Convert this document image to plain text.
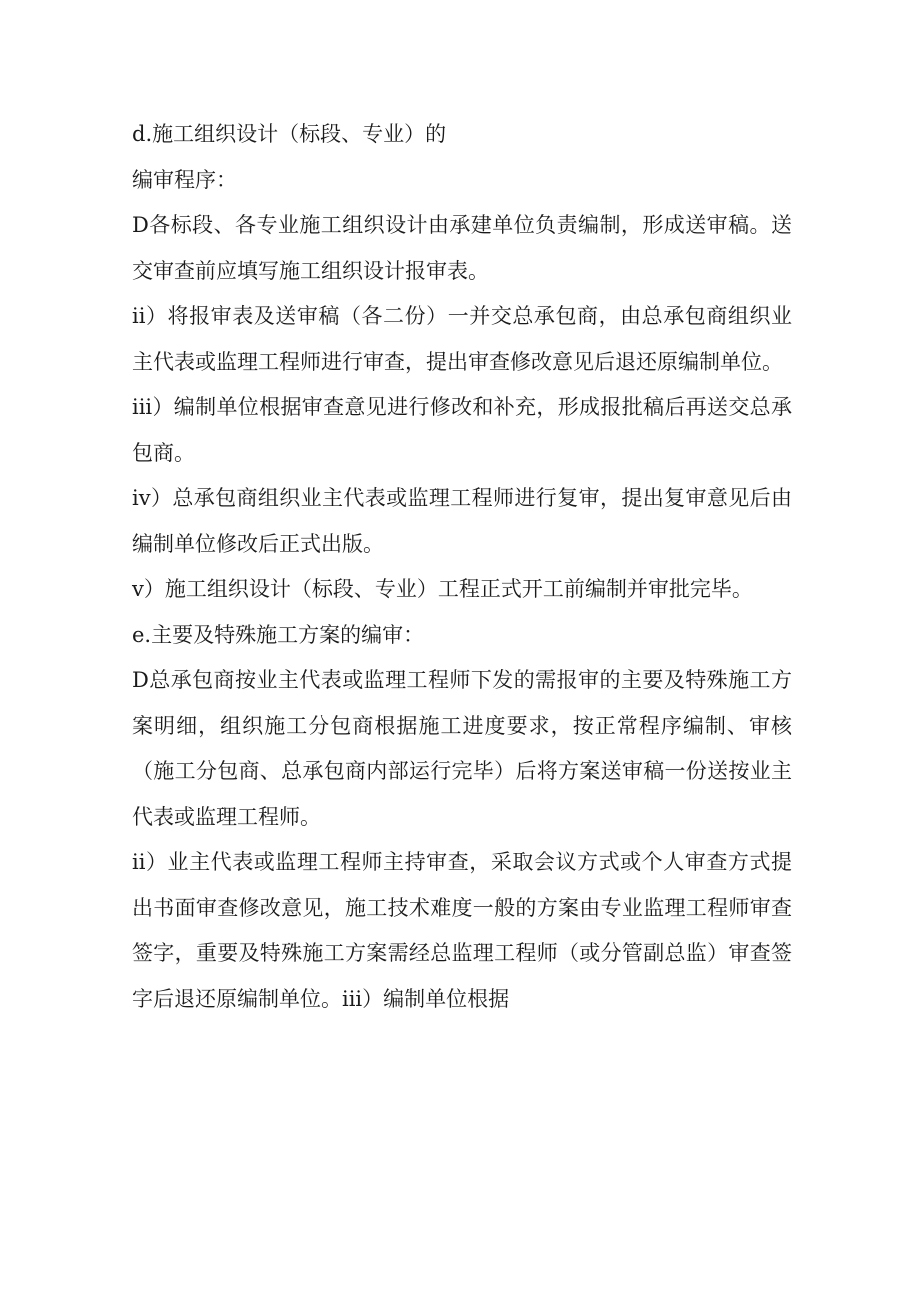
d.施工组织设计（标段、专业）的

编审程序：

D各标段、各专业施工组织设计由承建单位负责编制，形成送审稿。送交审查前应填写施工组织设计报审表。

ii）将报审表及送审稿（各二份）一并交总承包商，由总承包商组织业主代表或监理工程师进行审查，提出审查修改意见后退还原编制单位。

iii）编制单位根据审查意见进行修改和补充，形成报批稿后再送交总承包商。

iv）总承包商组织业主代表或监理工程师进行复审，提出复审意见后由编制单位修改后正式出版。

v）施工组织设计（标段、专业）工程正式开工前编制并审批完毕。

e.主要及特殊施工方案的编审：

D总承包商按业主代表或监理工程师下发的需报审的主要及特殊施工方案明细，组织施工分包商根据施工进度要求，按正常程序编制、审核（施工分包商、总承包商内部运行完毕）后将方案送审稿一份送按业主代表或监理工程师。

ii）业主代表或监理工程师主持审查，采取会议方式或个人审查方式提出书面审查修改意见，施工技术难度一般的方案由专业监理工程师审查签字，重要及特殊施工方案需经总监理工程师（或分管副总监）审查签字后退还原编制单位。iii）编制单位根据
